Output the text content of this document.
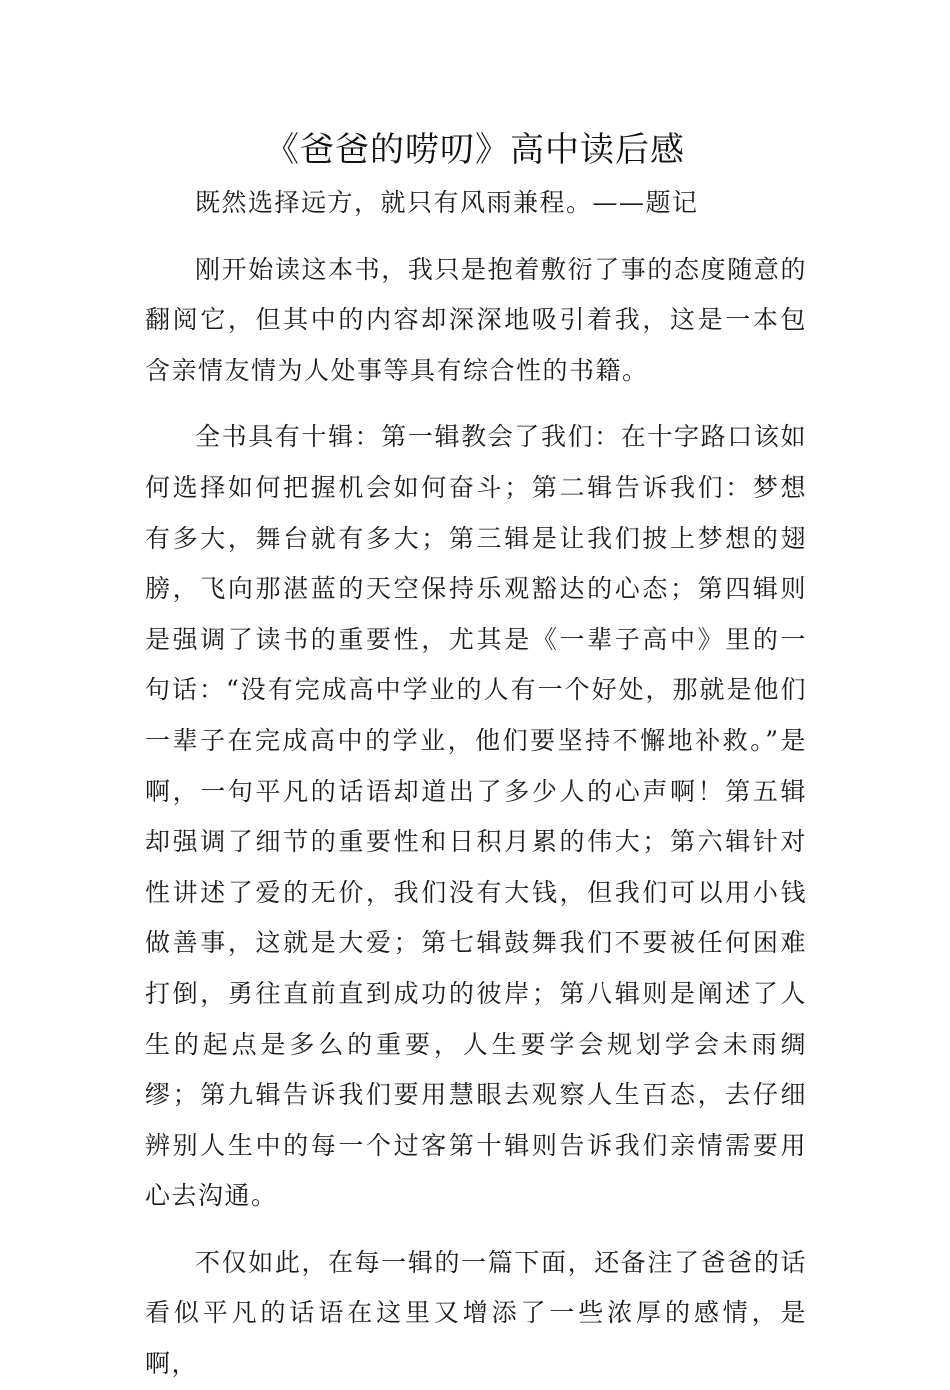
《爸爸的唠叨》高中读后感

既然选择远方，就只有风雨兼程。——题记

刚开始读这本书，我只是抱着敷衍了事的态度随意的翻阅它，但其中的内容却深深地吸引着我，这是一本包含亲情友情为人处事等具有综合性的书籍。

全书具有十辑：第一辑教会了我们：在十字路口该如何选择如何把握机会如何奋斗；第二辑告诉我们：梦想有多大，舞台就有多大；第三辑是让我们披上梦想的翅膀，飞向那湛蓝的天空保持乐观豁达的心态；第四辑则是强调了读书的重要性，尤其是《一辈子高中》里的一句话：“没有完成高中学业的人有一个好处，那就是他们一辈子在完成高中的学业，他们要坚持不懈地补救。”是啊，一句平凡的话语却道出了多少人的心声啊！第五辑却强调了细节的重要性和日积月累的伟大；第六辑针对性讲述了爱的无价，我们没有大钱，但我们可以用小钱做善事，这就是大爱；第七辑鼓舞我们不要被任何困难打倒，勇往直前直到成功的彼岸；第八辑则是阐述了人生的起点是多么的重要，人生要学会规划学会未雨绸缪；第九辑告诉我们要用慧眼去观察人生百态，去仔细辨别人生中的每一个过客第十辑则告诉我们亲情需要用心去沟通。

不仅如此，在每一辑的一篇下面，还备注了爸爸的话看似平凡的话语在这里又增添了一些浓厚的感情，是啊，
